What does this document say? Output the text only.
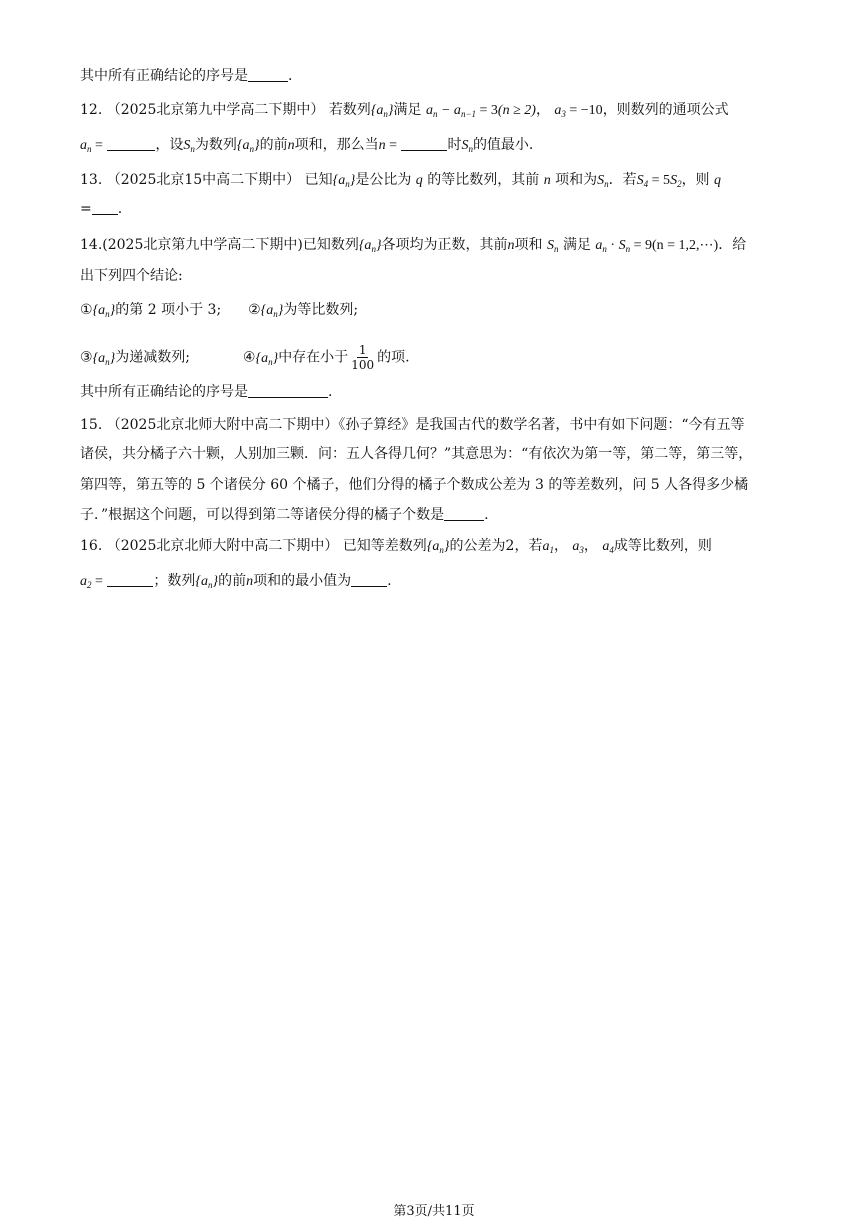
其中所有正确结论的序号是	.
12. （2025北京第九中学高二下期中） 若数列$\{a_n\}$满足 $a_n - a_{n-1} = 3(n \ge 2)$， $a_3 = -10$，则数列的通项公式
$a_n$ =	，设$S_n$为数列$\{a_n\}$的前n项和，那么当n =	时$S_n$的值最小.
13. （2025北京15中高二下期中） 已知$\{a_n\}$是公比为 q 的等比数列，其前 n 项和为$S_n$．若$S_4 = 5S_2$，则 q
= .
14.(2025北京第九中学高二下期中)已知数列$\{a_n\}$各项均为正数，其前n项和 $S_n$ 满足 $a_n \cdot S_n = 9(n$ = 1,2,⋯)．给
出下列四个结论:
$①\{a_n\}$的第 2 项小于 3; $②\{a_n\}$为等比数列;
$③\{a_n\}$为递减数列;	$④\{a_n\}$中存在小于 $\frac{1}{100}$ 的项.
其中所有正确结论的序号是	.
15. （2025北京北师大附中高二下期中）《孙子算经》是我国古代的数学名著，书中有如下问题：“今有五等
诸侯，共分橘子六十颗，人别加三颗．问：五人各得几何？”其意思为：“有依次为第一等，第二等，第三等，
第四等，第五等的 5 个诸侯分 60 个橘子，他们分得的橘子个数成公差为 3 的等差数列，问 5 人各得多少橘
子．”根据这个问题，可以得到第二等诸侯分得的橘子个数是	.
16. （2025北京北师大附中高二下期中） 已知等差数列$\{a_n\}$的公差为2，若$a_1$， $a_3$， $a_4$成等比数列，则
$a_2$ =	；数列$\{a_n\}$的前n项和的最小值为	.
第3页/共11页
